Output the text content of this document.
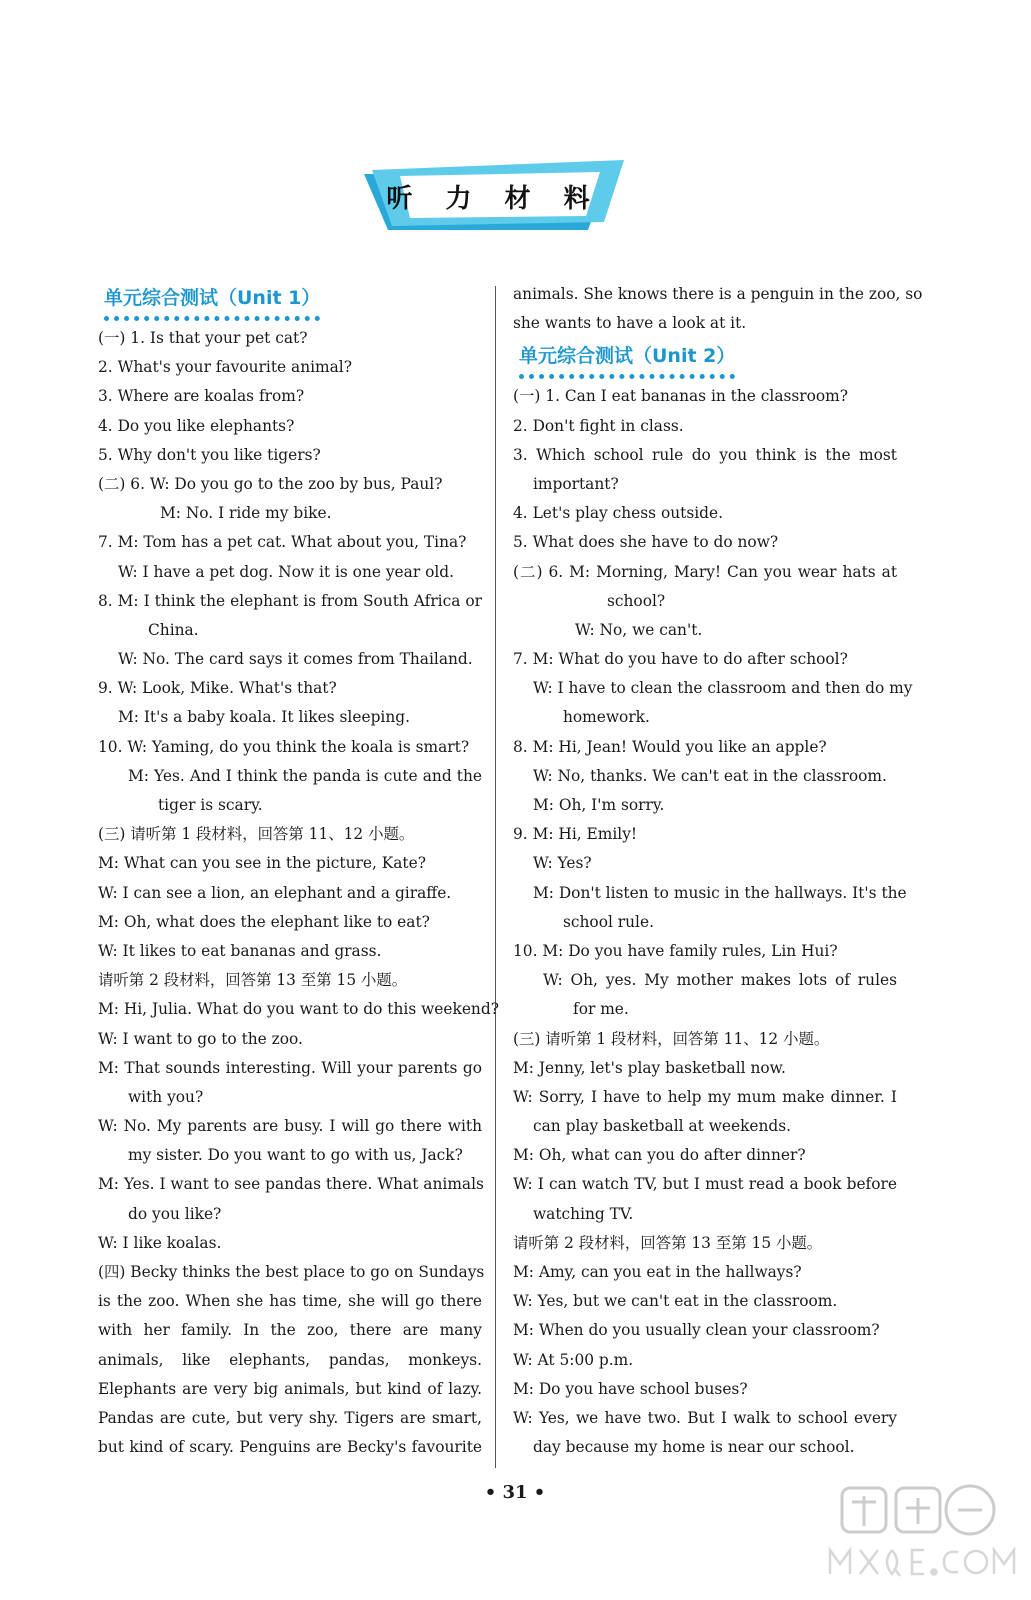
听 力 材 料
单元综合测试（Unit 1）
(一) 1. Is that your pet cat?
2. What's your favourite animal?
3. Where are koalas from?
4. Do you like elephants?
5. Why don't you like tigers?
(二) 6. W: Do you go to the zoo by bus, Paul?
M: No. I ride my bike.
7. M: Tom has a pet cat. What about you, Tina?
W: I have a pet dog. Now it is one year old.
8. M: I think the elephant is from South Africa or
China.
W: No. The card says it comes from Thailand.
9. W: Look, Mike. What's that?
M: It's a baby koala. It likes sleeping.
10. W: Yaming, do you think the koala is smart?
M: Yes. And I think the panda is cute and the
tiger is scary.
(三) 请听第 1 段材料，回答第 11、12 小题。
M: What can you see in the picture, Kate?
W: I can see a lion, an elephant and a giraffe.
M: Oh, what does the elephant like to eat?
W: It likes to eat bananas and grass.
请听第 2 段材料，回答第 13 至第 15 小题。
M: Hi, Julia. What do you want to do this weekend?
W: I want to go to the zoo.
M: That sounds interesting. Will your parents go
with you?
W: No. My parents are busy. I will go there with
my sister. Do you want to go with us, Jack?
M: Yes. I want to see pandas there. What animals
do you like?
W: I like koalas.
(四) Becky thinks the best place to go on Sundays
is the zoo. When she has time, she will go there
with her family. In the zoo, there are many
animals, like elephants, pandas, monkeys.
Elephants are very big animals, but kind of lazy.
Pandas are cute, but very shy. Tigers are smart,
but kind of scary. Penguins are Becky's favourite
animals. She knows there is a penguin in the zoo, so
she wants to have a look at it.
单元综合测试（Unit 2）
(一) 1. Can I eat bananas in the classroom?
2. Don't fight in class.
3. Which school rule do you think is the most
important?
4. Let's play chess outside.
5. What does she have to do now?
(二) 6. M: Morning, Mary! Can you wear hats at
school?
W: No, we can't.
7. M: What do you have to do after school?
W: I have to clean the classroom and then do my
homework.
8. M: Hi, Jean! Would you like an apple?
W: No, thanks. We can't eat in the classroom.
M: Oh, I'm sorry.
9. M: Hi, Emily!
W: Yes?
M: Don't listen to music in the hallways. It's the
school rule.
10. M: Do you have family rules, Lin Hui?
W: Oh, yes. My mother makes lots of rules
for me.
(三) 请听第 1 段材料，回答第 11、12 小题。
M: Jenny, let's play basketball now.
W: Sorry, I have to help my mum make dinner. I
can play basketball at weekends.
M: Oh, what can you do after dinner?
W: I can watch TV, but I must read a book before
watching TV.
请听第 2 段材料，回答第 13 至第 15 小题。
M: Amy, can you eat in the hallways?
W: Yes, but we can't eat in the classroom.
M: When do you usually clean your classroom?
W: At 5:00 p.m.
M: Do you have school buses?
W: Yes, we have two. But I walk to school every
day because my home is near our school.
• 31 •
